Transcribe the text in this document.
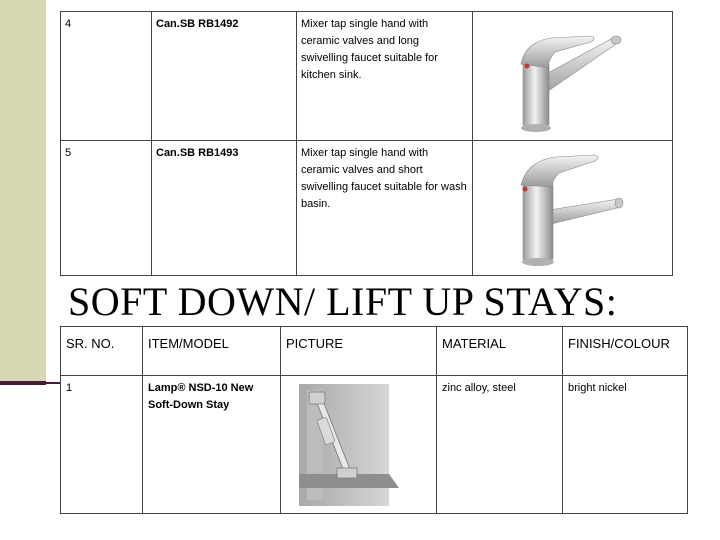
4	Can.SB RB1492	Mixer tap single hand with ceramic valves and long swivelling faucet suitable for kitchen sink.

5	Can.SB RB1493	Mixer tap single hand with ceramic valves and short swivelling faucet suitable for wash basin.

SOFT DOWN/ LIFT UP STAYS:
SR. NO.	ITEM/MODEL	PICTURE	MATERIAL	FINISH/COLOUR

1	Lamp® NSD-10 New Soft-Down Stay		zinc alloy, steel	bright nickel
